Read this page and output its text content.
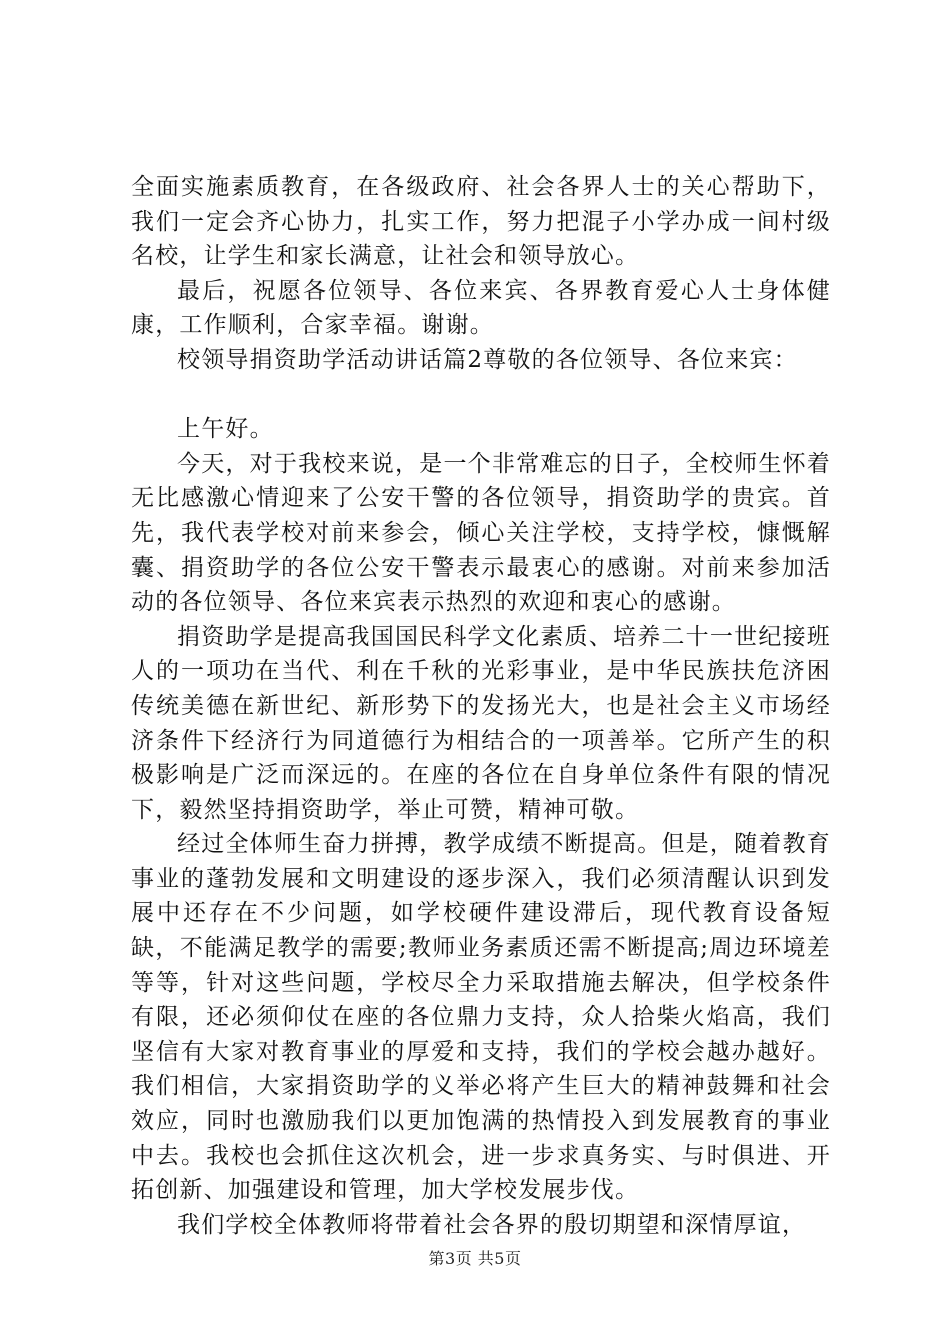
全面实施素质教育，在各级政府、社会各界人士的关心帮助下，我们一定会齐心协力，扎实工作，努力把混子小学办成一间村级名校，让学生和家长满意，让社会和领导放心。

最后，祝愿各位领导、各位来宾、各界教育爱心人士身体健康，工作顺利，合家幸福。谢谢。

校领导捐资助学活动讲话篇2尊敬的各位领导、各位来宾：

上午好。

今天，对于我校来说，是一个非常难忘的日子，全校师生怀着无比感激心情迎来了公安干警的各位领导，捐资助学的贵宾。首先，我代表学校对前来参会，倾心关注学校，支持学校，慷慨解囊、捐资助学的各位公安干警表示最衷心的感谢。对前来参加活动的各位领导、各位来宾表示热烈的欢迎和衷心的感谢。

捐资助学是提高我国国民科学文化素质、培养二十一世纪接班人的一项功在当代、利在千秋的光彩事业，是中华民族扶危济困传统美德在新世纪、新形势下的发扬光大，也是社会主义市场经济条件下经济行为同道德行为相结合的一项善举。它所产生的积极影响是广泛而深远的。在座的各位在自身单位条件有限的情况下，毅然坚持捐资助学，举止可赞，精神可敬。

经过全体师生奋力拼搏，教学成绩不断提高。但是，随着教育事业的蓬勃发展和文明建设的逐步深入，我们必须清醒认识到发展中还存在不少问题，如学校硬件建设滞后，现代教育设备短缺，不能满足教学的需要;教师业务素质还需不断提高;周边环境差等等，针对这些问题，学校尽全力采取措施去解决，但学校条件有限，还必须仰仗在座的各位鼎力支持，众人拾柴火焰高，我们坚信有大家对教育事业的厚爱和支持，我们的学校会越办越好。我们相信，大家捐资助学的义举必将产生巨大的精神鼓舞和社会效应，同时也激励我们以更加饱满的热情投入到发展教育的事业中去。我校也会抓住这次机会，进一步求真务实、与时俱进、开拓创新、加强建设和管理，加大学校发展步伐。

我们学校全体教师将带着社会各界的殷切期望和深情厚谊，

第3页 共5页
